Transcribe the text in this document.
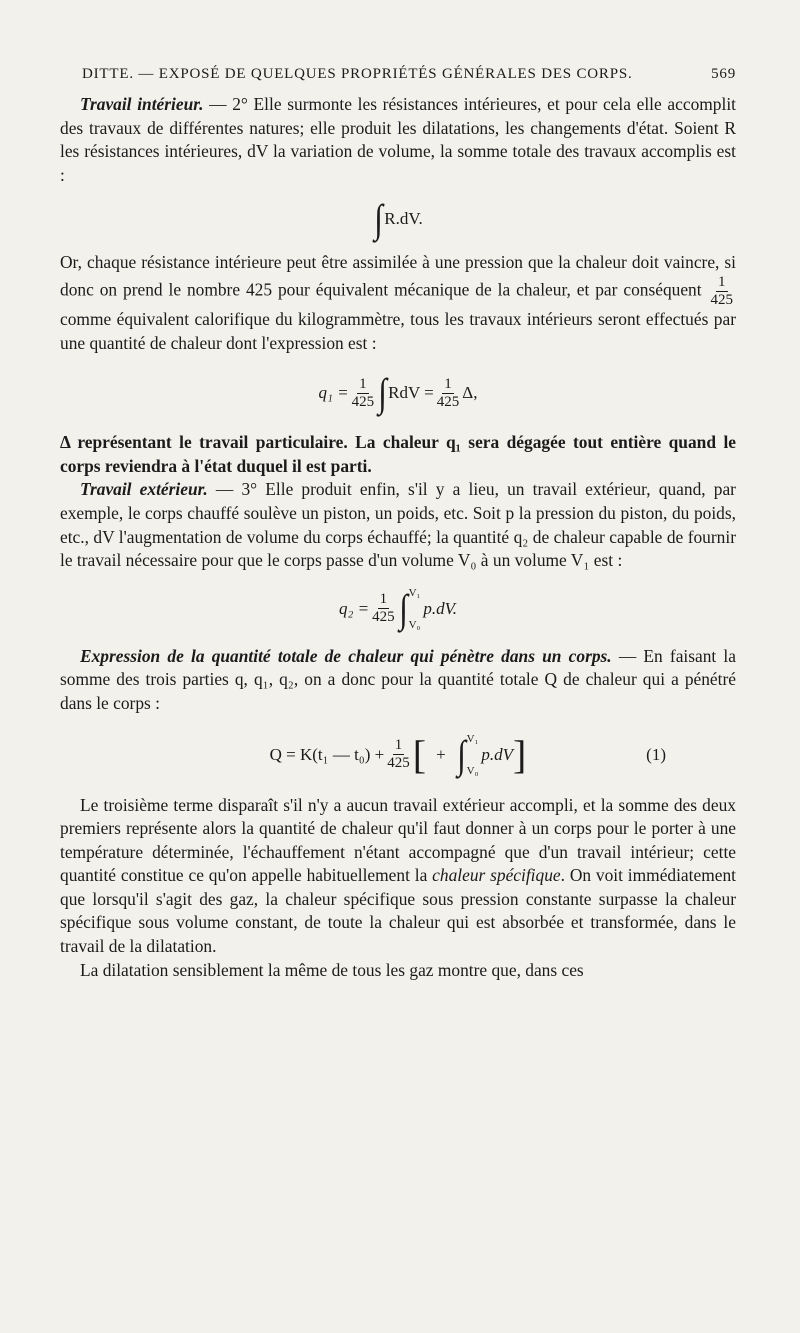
DITTE. — EXPOSÉ DE QUELQUES PROPRIÉTÉS GÉNÉRALES DES CORPS.	569

Travail intérieur. — 2° Elle surmonte les résistances intérieures, et pour cela elle accomplit des travaux de différentes natures; elle produit les dilatations, les changements d'état. Soient R les résistances intérieures, dV la variation de volume, la somme totale des travaux accomplis est :

∫ R.dV.

Or, chaque résistance intérieure peut être assimilée à une pression que la chaleur doit vaincre, si donc on prend le nombre 425 pour équivalent mécanique de la chaleur, et par conséquent $\frac{1}{425}$
comme équivalent calorifique du kilogrammètre, tous les travaux intérieurs seront effectués par une quantité de chaleur dont l'expression est :

$q_1 = \frac{1}{425}$ ∫ RdV = $\frac{1}{425} \Delta$,

Δ représentant le travail particulaire. La chaleur q₁ sera dégagée tout entière quand le corps reviendra à l'état duquel il est parti.

Travail extérieur. — 3° Elle produit enfin, s'il y a lieu, un travail extérieur, quand, par exemple, le corps chauffé soulève un piston, un poids, etc. Soit p la pression du piston, du poids, etc., dV l'augmentation de volume du corps échauffé; la quantité q₂ de chaleur capable de fournir le travail nécessaire pour que le corps passe d'un volume V₀ à un volume V₁ est :

$q_2 = \frac{1}{425}$ ∫ V₁
V₀
p.dV.

Expression de la quantité totale de chaleur qui pénètre dans un corps. — En faisant la somme des trois parties q, q₁, q₂, on a donc pour la quantité totale Q de chaleur qui a pénétré dans le corps :

Q = K(t₁ — $t_0) + \frac{1}{425}$ [ + ∫ V₁
V₀
p.dV ]	(1)

Le troisième terme disparaît s'il n'y a aucun travail extérieur accompli, et la somme des deux premiers représente alors la quantité de chaleur qu'il faut donner à un corps pour le porter à une température déterminée, l'échauffement n'étant accompagné que d'un travail intérieur; cette quantité constitue ce qu'on appelle habituellement la chaleur spécifique. On voit immédiatement que lorsqu'il s'agit des gaz, la chaleur spécifique sous pression constante surpasse la chaleur spécifique sous volume constant, de toute la chaleur qui est absorbée et transformée, dans le travail de la dilatation.

La dilatation sensiblement la même de tous les gaz montre que, dans ces
